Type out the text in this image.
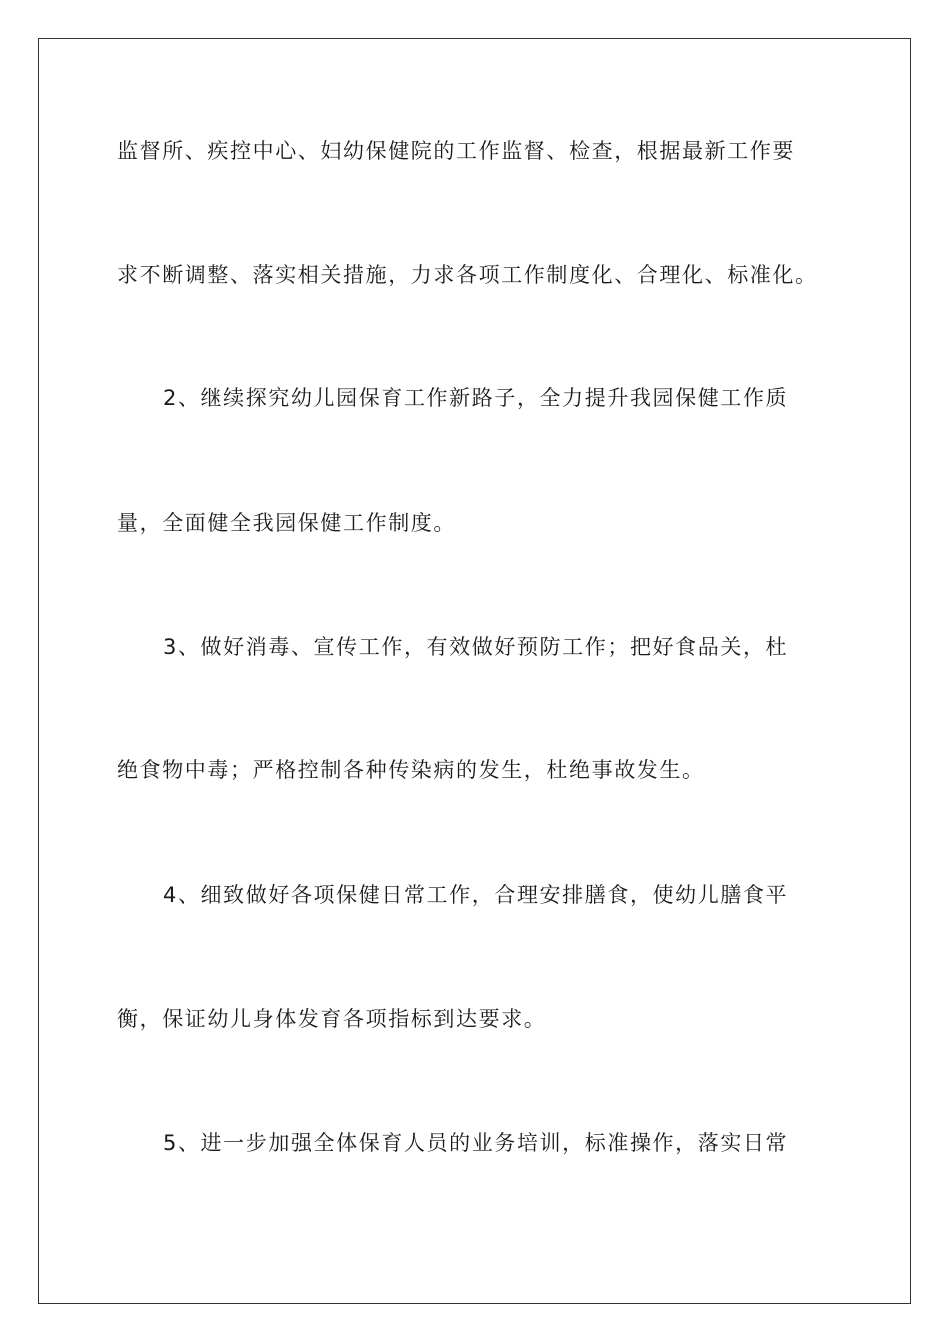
监督所、疾控中心、妇幼保健院的工作监督、检查，根据最新工作要
求不断调整、落实相关措施，力求各项工作制度化、合理化、标准化。
2、继续探究幼儿园保育工作新路子，全力提升我园保健工作质
量，全面健全我园保健工作制度。
3、做好消毒、宣传工作，有效做好预防工作；把好食品关，杜
绝食物中毒；严格控制各种传染病的发生，杜绝事故发生。
4、细致做好各项保健日常工作，合理安排膳食，使幼儿膳食平
衡，保证幼儿身体发育各项指标到达要求。
5、进一步加强全体保育人员的业务培训，标准操作，落实日常
